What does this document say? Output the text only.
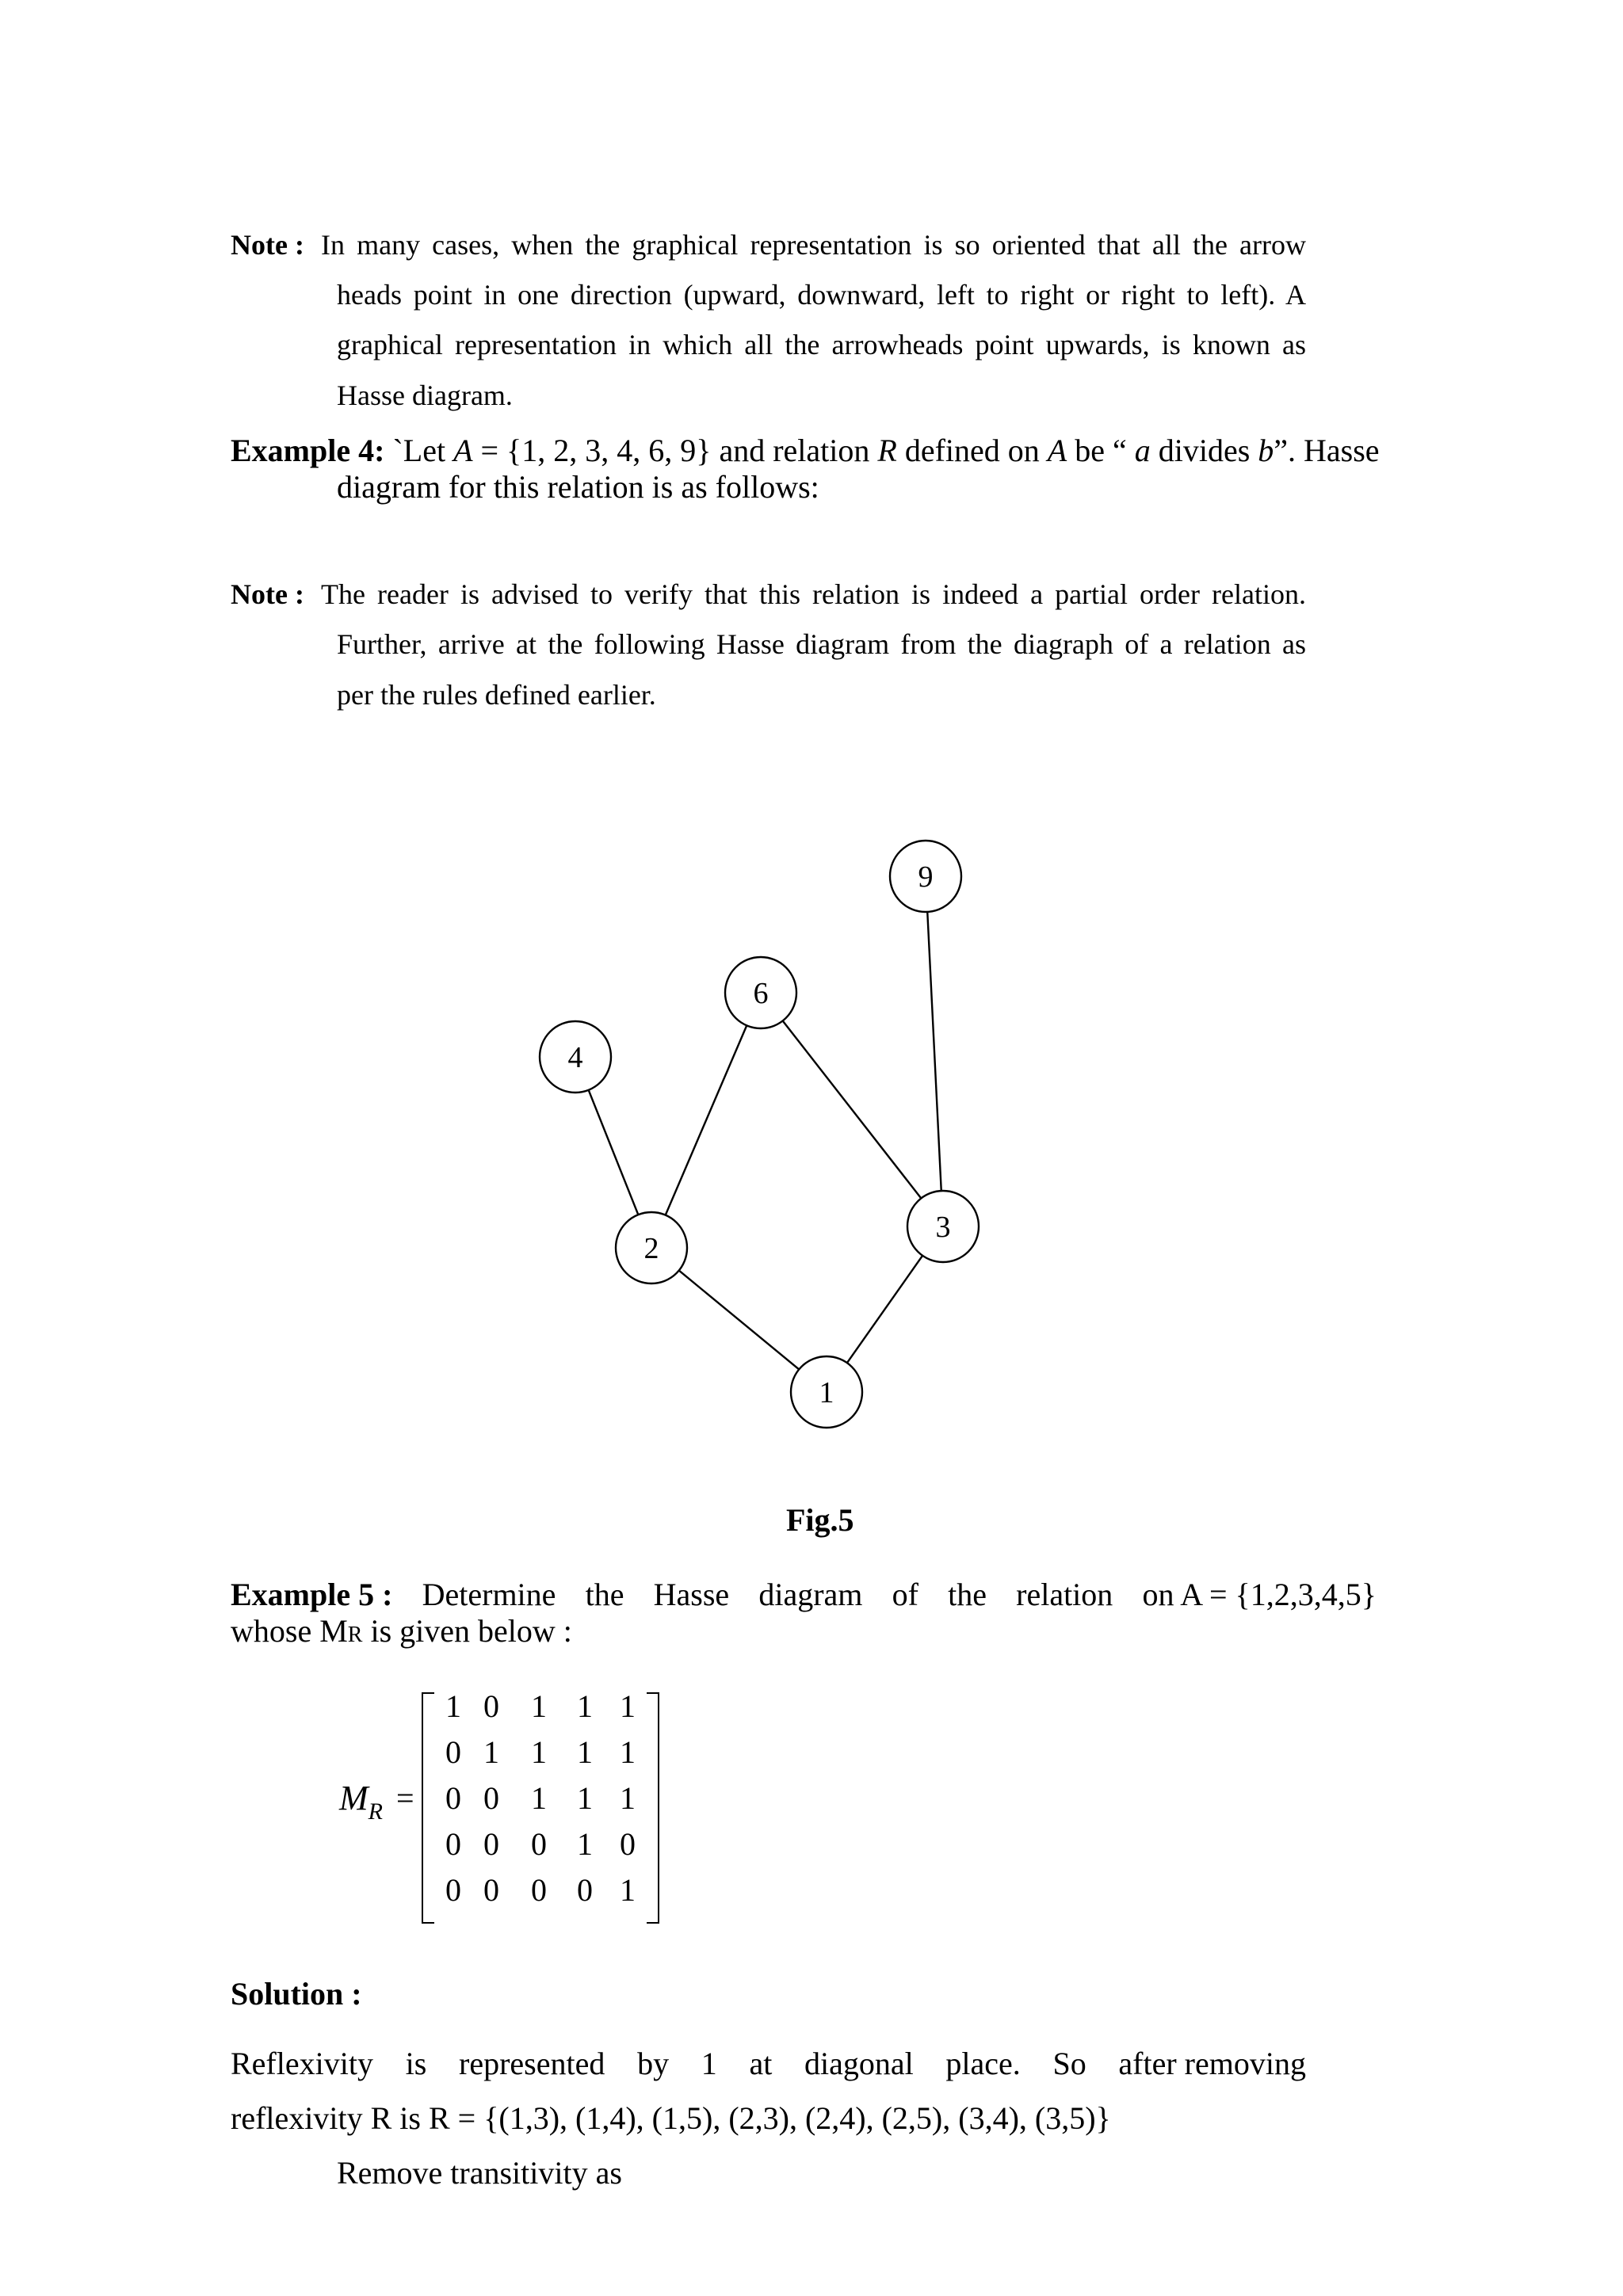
Note : In many cases, when the graphical representation is so oriented that all the arrow
heads point in one direction (upward, downward, left to right or right to left). A
graphical representation in which all the arrowheads point upwards, is known as
Hasse diagram.
Example 4: `Let A = {1, 2, 3, 4, 6, 9} and relation R defined on A be “ a divides b”. Hasse
diagram for this relation is as follows:
Note : The reader is advised to verify that this relation is indeed a partial order relation.
Further, arrive at the following Hasse diagram from the diagraph of a relation as
per the rules defined earlier.
9
6
4
2
3
1
Fig.5
Example 5 : Determine the Hasse diagram of the relation on A = {1,2,3,4,5}
whose MR is given below :
$M_R$ =
1 0 1 1 1
0 1 1 1 1
0 0 1 1 1
0 0 0 1 0
0 0 0 0 1
Solution :
Reflexivity is represented by 1 at diagonal place. So after removing
reflexivity R is R = {(1,3), (1,4), (1,5), (2,3), (2,4), (2,5), (3,4), (3,5)}
Remove transitivity as
